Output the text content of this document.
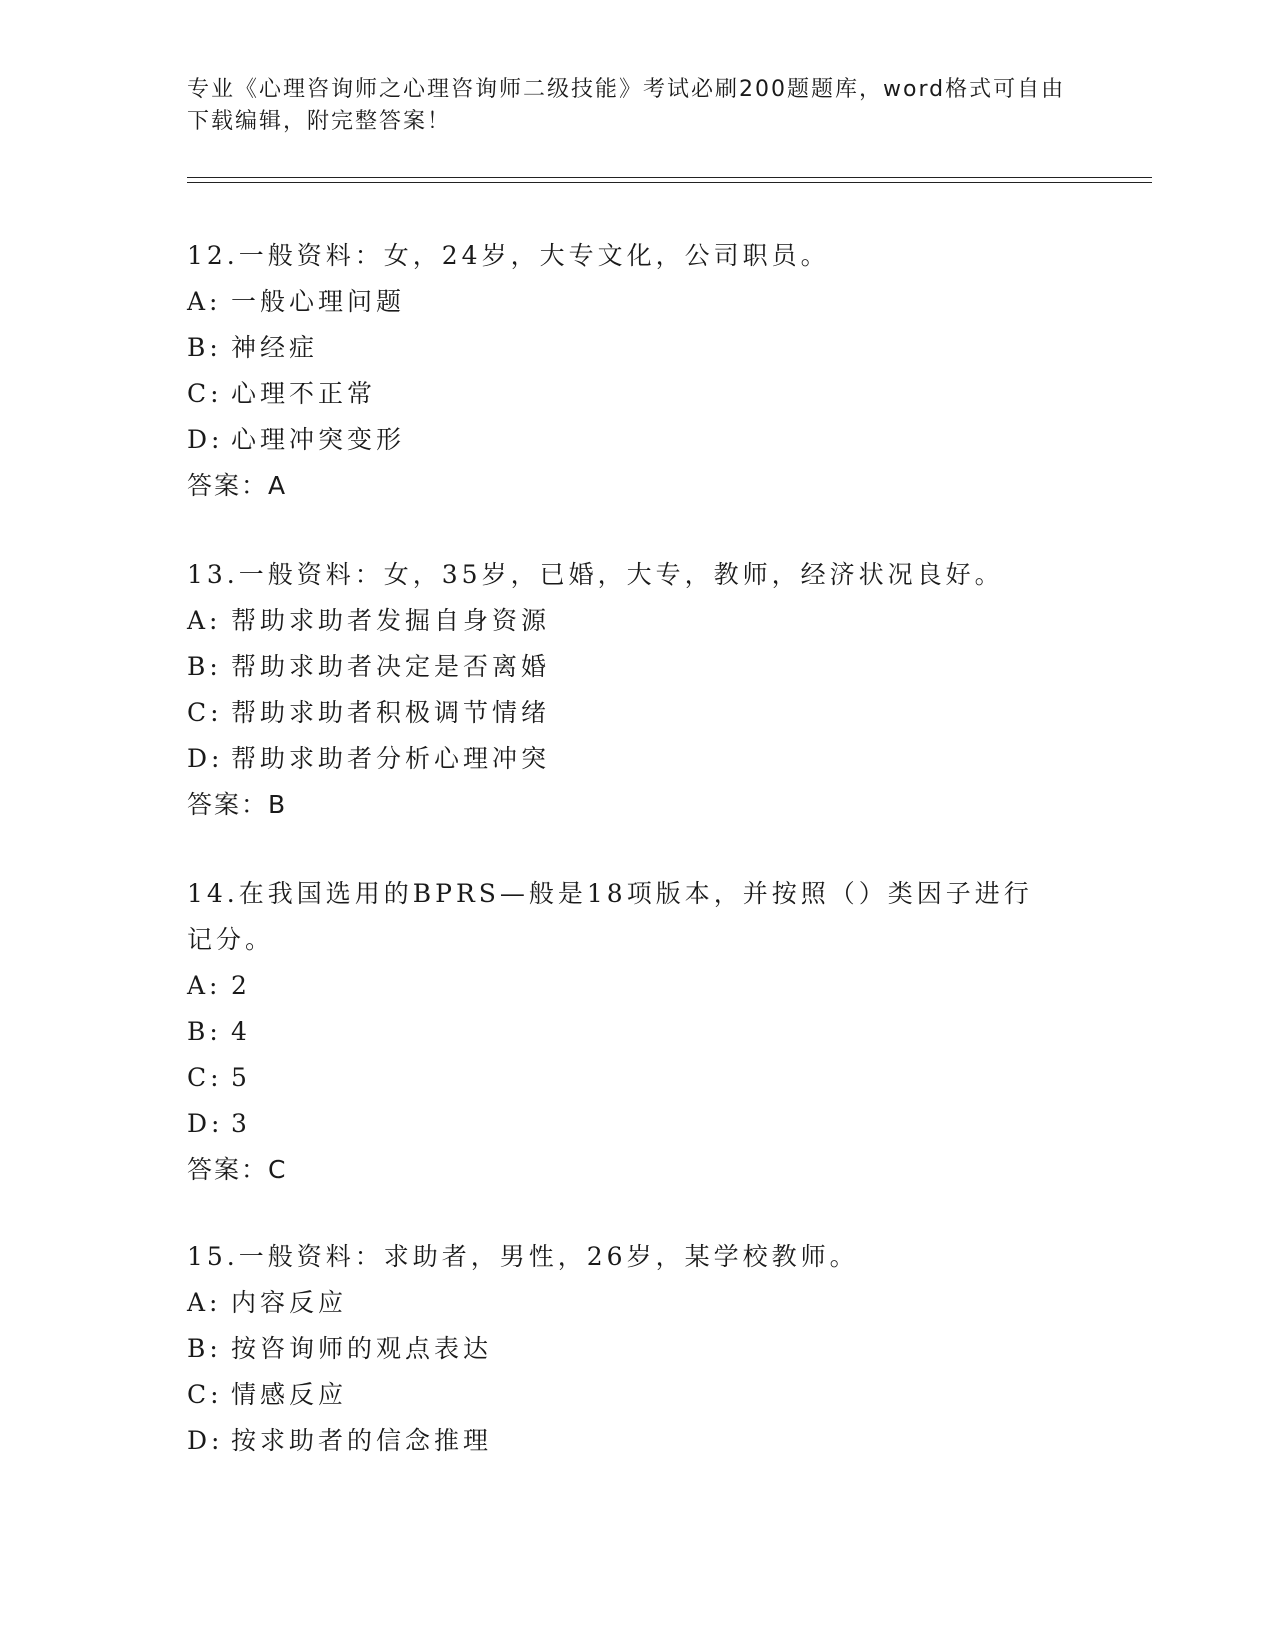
专业《心理咨询师之心理咨询师二级技能》考试必刷200题题库，word格式可自由下载编辑，附完整答案！

12.一般资料：女，24岁，大专文化，公司职员。

A: 一般心理问题

B: 神经症

C: 心理不正常

D: 心理冲突变形

答案：A

13.一般资料：女，35岁，已婚，大专，教师，经济状况良好。

A: 帮助求助者发掘自身资源

B: 帮助求助者决定是否离婚

C: 帮助求助者积极调节情绪

D: 帮助求助者分析心理冲突

答案：B

14.在我国选用的BPRS—般是18项版本，并按照（）类因子进行记分。

A: 2

B: 4

C: 5

D: 3

答案：C

15.一般资料：求助者，男性，26岁，某学校教师。

A: 内容反应

B: 按咨询师的观点表达

C: 情感反应

D: 按求助者的信念推理
